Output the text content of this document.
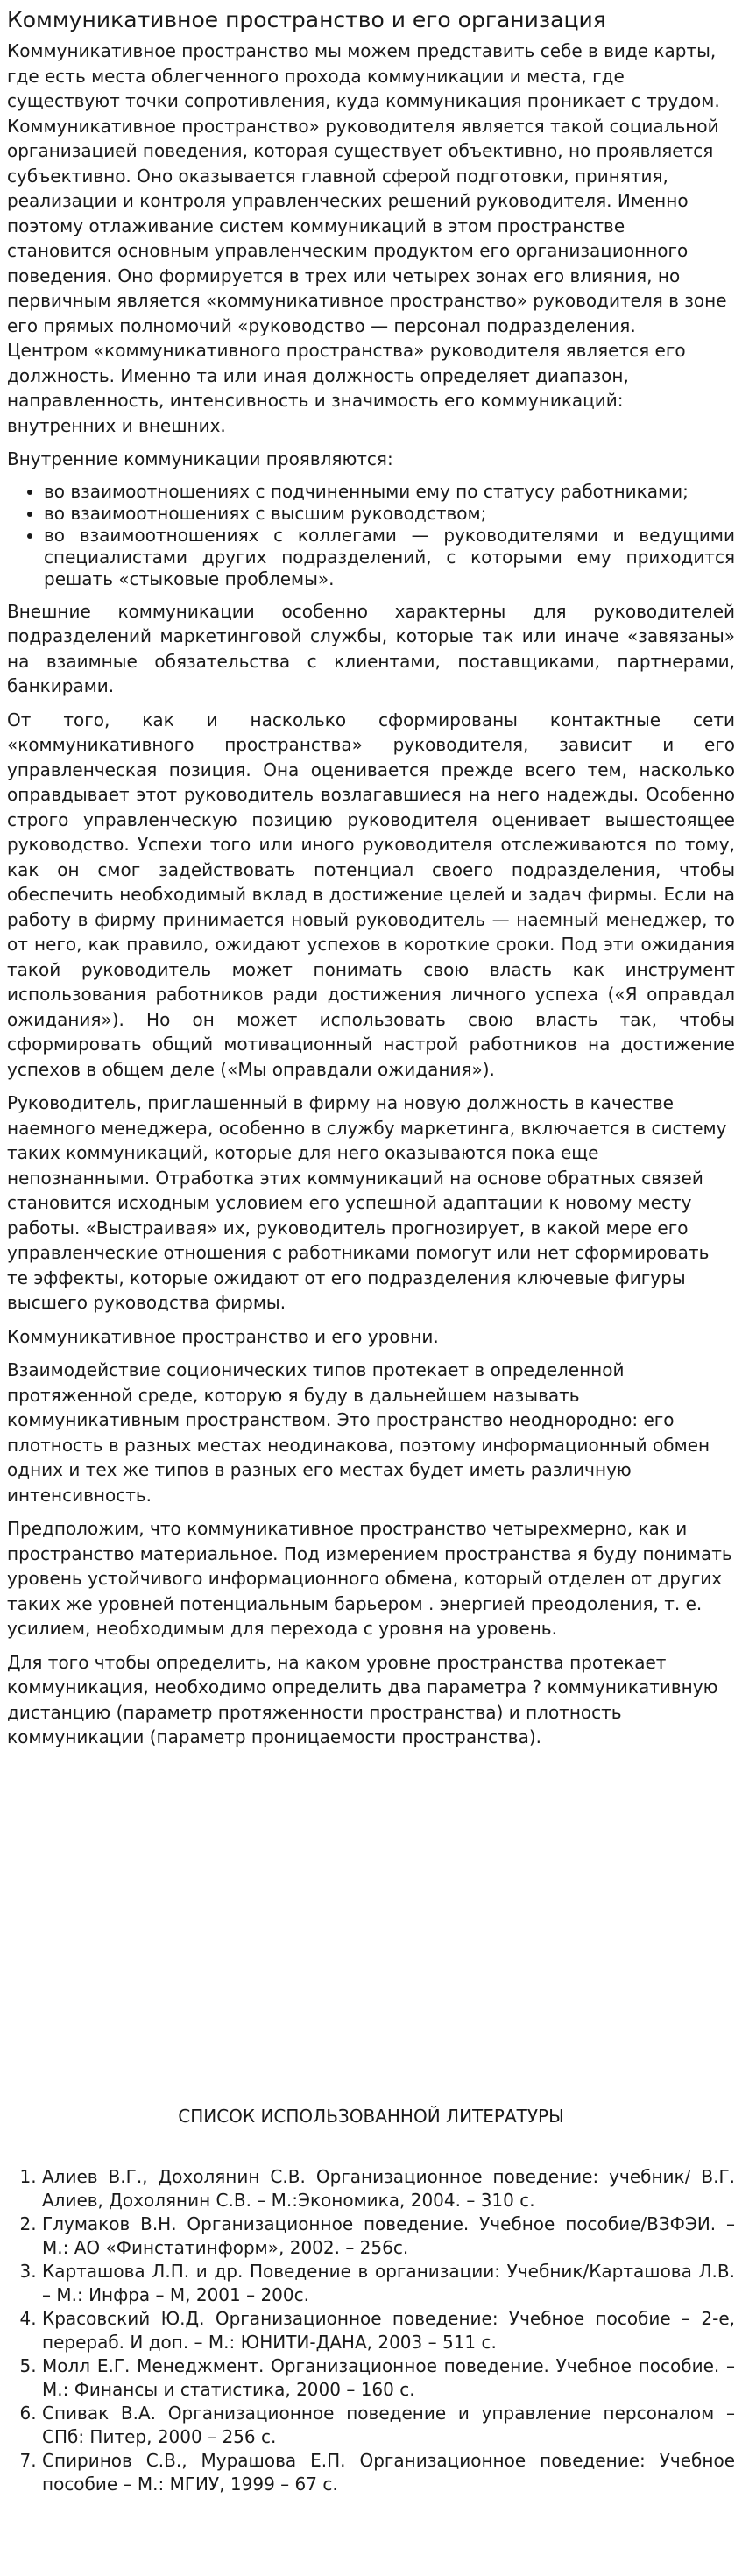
Коммуникативное пространство и его организация

Коммуникативное пространство мы можем представить себе в виде карты, где есть места облегченного прохода коммуникации и места, где существуют точки сопротивления, куда коммуникация проникает с трудом. Коммуникативное пространство» руководителя является такой социальной организацией поведения, которая существует объективно, но проявляется субъективно. Оно оказывается главной сферой подготовки, принятия, реализации и контроля управленческих решений руководителя. Именно поэтому отлаживание систем коммуникаций в этом пространстве становится основным управленческим продуктом его организационного поведения. Оно формируется в трех или четырех зонах его влияния, но первичным является «коммуникативное пространство» руководителя в зоне его прямых полномочий «руководство — персонал подразделения.Центром «коммуникативного пространства» руководителя является его должность. Именно та или иная должность определяет диапазон, направленность, интенсивность и значимость его коммуникаций: внутренних и внешних.

Внутренние коммуникации проявляются:

• во взаимоотношениях с подчиненными ему по статусу работниками;
• во взаимоотношениях с высшим руководством;
• во взаимоотношениях с коллегами — руководителями и ведущими специалистами других подразделений, с которыми ему приходится решать «стыковые проблемы».

Внешние коммуникации особенно характерны для руководителей подразделений маркетинговой службы, которые так или иначе «завязаны» на взаимные обязательства с клиентами, поставщиками, партнерами, банкирами.

От того, как и насколько сформированы контактные сети «коммуникативного пространства» руководителя, зависит и его управленческая позиция. Она оценивается прежде всего тем, насколько оправдывает этот руководитель возлагавшиеся на него надежды. Особенно строго управленческую позицию руководителя оценивает вышестоящее руководство. Успехи того или иного руководителя отслеживаются по тому, как он смог задействовать потенциал своего подразделения, чтобы обеспечить необходимый вклад в достижение целей и задач фирмы. Если на работу в фирму принимается новый руководитель — наемный менеджер, то от него, как правило, ожидают успехов в короткие сроки. Под эти ожидания такой руководитель может понимать свою власть как инструмент использования работников ради достижения личного успеха («Я оправдал ожидания»). Но он может использовать свою власть так, чтобы сформировать общий мотивационный настрой работников на достижение успехов в общем деле («Мы оправдали ожидания»).

Руководитель, приглашенный в фирму на новую должность в качестве наемного менеджера, особенно в службу маркетинга, включается в систему таких коммуникаций, которые для него оказываются пока еще непознанными. Отработка этих коммуникаций на основе обратных связей становится исходным условием его успешной адаптации к новому месту работы. «Выстраивая» их, руководитель прогнозирует, в какой мере его управленческие отношения с работниками помогут или нет сформировать те эффекты, которые ожидают от его подразделения ключевые фигуры высшего руководства фирмы.

Коммуникативное пространство и его уровни.

Взаимодействие соционических типов протекает в определенной протяженной среде, которую я буду в дальнейшем называть коммуникативным пространством. Это пространство неоднородно: его плотность в разных местах неодинакова, поэтому информационный обмен одних и тех же типов в разных его местах будет иметь различную интенсивность.

Предположим, что коммуникативное пространство четырехмерно, как и пространство материальное. Под измерением пространства я буду понимать уровень устойчивого информационного обмена, который отделен от других таких же уровней потенциальным барьером . энергией преодоления, т. е. усилием, необходимым для перехода с уровня на уровень.

Для того чтобы определить, на каком уровне пространства протекает коммуникация, необходимо определить два параметра ? коммуникативную дистанцию (параметр протяженности пространства) и плотность коммуникации (параметр проницаемости пространства).

СПИСОК ИСПОЛЬЗОВАННОЙ ЛИТЕРАТУРЫ
1. Алиев В.Г., Дохолянин С.В. Организационное поведение: учебник/ В.Г. Алиев, Дохолянин С.В. – М.:Экономика, 2004. – 310 с.
2. Глумаков В.Н. Организационное поведение. Учебное пособие/ВЗФЭИ. – М.: АО «Финстатинформ», 2002. – 256с.
3. Карташова Л.П. и др. Поведение в организации: Учебник/Карташова Л.В. – М.: Инфра – М, 2001 – 200с.
4. Красовский Ю.Д. Организационное поведение: Учебное пособие – 2-е, перераб. И доп. – М.: ЮНИТИ-ДАНА, 2003 – 511 с.
5. Молл Е.Г. Менеджмент. Организационное поведение. Учебное пособие. – М.: Финансы и статистика, 2000 – 160 с.
6. Спивак В.А. Организационное поведение и управление персоналом – СПб: Питер, 2000 – 256 с.
7. Спиринов С.В., Мурашова Е.П. Организационное поведение: Учебное пособие – М.: МГИУ, 1999 – 67 с.
